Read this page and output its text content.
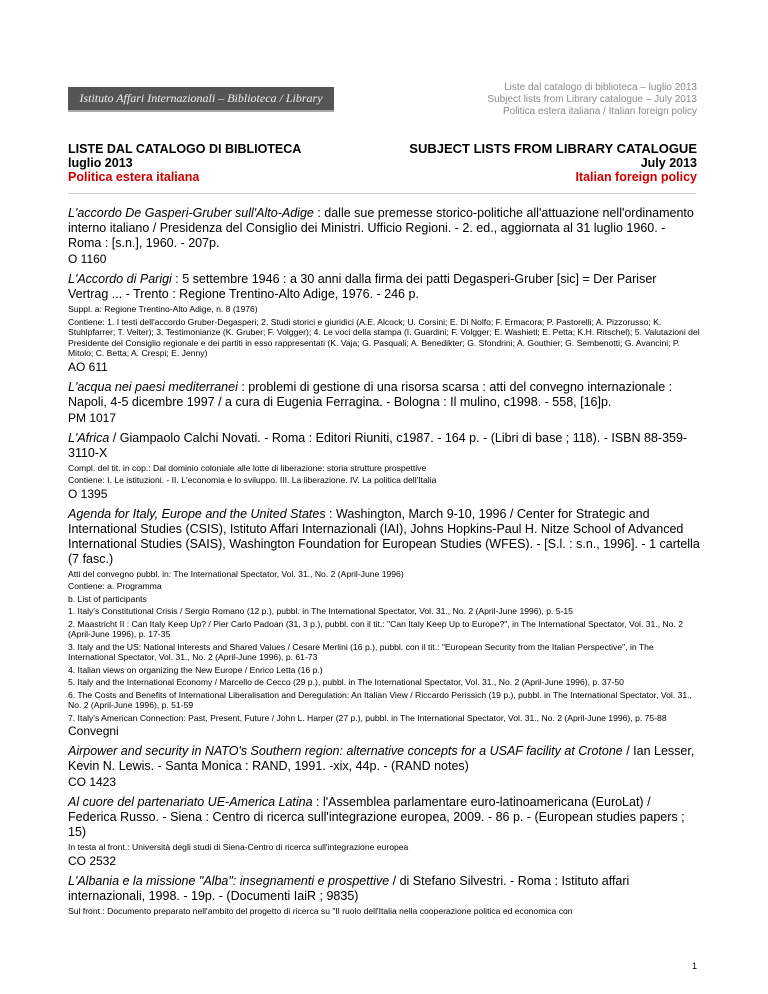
Istituto Affari Internazionali – Biblioteca / Library
Liste dal catalogo di biblioteca – luglio 2013
Subject lists from Library catalogue – July 2013
Politica estera italiana / Italian foreign policy
LISTE DAL CATALOGO DI BIBLIOTECA
luglio 2013
Politica estera italiana
SUBJECT LISTS FROM LIBRARY CATALOGUE
July 2013
Italian foreign policy
L'accordo De Gasperi-Gruber sull'Alto-Adige : dalle sue premesse storico-politiche all'attuazione nell'ordinamento interno italiano / Presidenza del Consiglio dei Ministri. Ufficio Regioni. - 2. ed., aggiornata al 31 luglio 1960. - Roma : [s.n.], 1960. - 207p.
O 1160
L'Accordo di Parigi : 5 settembre 1946 : a 30 anni dalla firma dei patti Degasperi-Gruber [sic] = Der Pariser Vertrag ... - Trento : Regione Trentino-Alto Adige, 1976. - 246 p.
Suppl. a: Regione Trentino-Alto Adige, n. 8 (1976)
Contiene: 1. I testi dell'accordo Gruber-Degasperi; 2. Studi storici e giuridici (A.E. Alcock; U. Corsini; E. Di Nolfo; F. Ermacora; P. Pastorelli; A. Pizzorusso; K. Stuhlpfarrer; T. Veiter); 3. Testimonianze (K. Gruber; F. Volgger); 4. Le voci della stampa (I. Guardini; F. Volgger; E. Washietl; E. Petta; K.H. Ritschel); 5. Valutazioni del Presidente del Consiglio regionale e dei partiti in esso rappresentati (K. Vaja; G. Pasquali; A. Benedikter; G. Sfondrini; A. Gouthier; G. Sembenotti; G. Avancini; P. Mitolo; C. Betta; A. Crespi; E. Jenny)
AO 611
L'acqua nei paesi mediterranei : problemi di gestione di una risorsa scarsa : atti del convegno internazionale : Napoli, 4-5 dicembre 1997 / a cura di Eugenia Ferragina. - Bologna : Il mulino, c1998. - 558, [16]p.
PM 1017
L'Africa / Giampaolo Calchi Novati. - Roma : Editori Riuniti, c1987. - 164 p. - (Libri di base ; 118). - ISBN 88-359-3110-X
Compl. del tit. in cop.: Dal dominio coloniale alle lotte di liberazione: storia strutture prospettive
Contiene: I. Le istituzioni. - II. L'economia e lo sviluppo. III. La liberazione. IV. La politica dell'Italia
O 1395
Agenda for Italy, Europe and the United States : Washington, March 9-10, 1996 / Center for Strategic and International Studies (CSIS), Istituto Affari Internazionali (IAI), Johns Hopkins-Paul H. Nitze School of Advanced International Studies (SAIS), Washington Foundation for European Studies (WFES). - [S.l. : s.n., 1996]. - 1 cartella (7 fasc.)
Atti del convegno pubbl. in: The International Spectator, Vol. 31., No. 2 (April-June 1996)
Contiene: a. Programma
b. List of participants
1. Italy's Constitutional Crisis / Sergio Romano (12 p.), pubbl. in The International Spectator, Vol. 31., No. 2 (April-June 1996), p. 5-15
2. Maastricht II : Can Italy Keep Up? / Pier Carlo Padoan (31, 3 p.), pubbl. con il tit.: "Can Italy Keep Up to Europe?", in The International Spectator, Vol. 31., No. 2 (April-June 1996), p. 17-35
3. Italy and the US: National Interests and Shared Values / Cesare Merlini (16 p.), pubbl. con il tit.: "European Security from the Italian Perspective", in The International Spectator, Vol. 31., No. 2 (April-June 1996), p. 61-73
4. Italian views on organizing the New Europe / Enrico Letta (16 p.)
5. Italy and the International Economy / Marcello de Cecco (29 p.), pubbl. in The International Spectator, Vol. 31., No. 2 (April-June 1996), p. 37-50
6. The Costs and Benefits of International Liberalisation and Deregulation: An Italian View / Riccardo Perissich (19 p.), pubbl. in The International Spectator, Vol. 31., No. 2 (April-June 1996), p. 51-59
7. Italy's American Connection: Past, Present, Future / John L. Harper (27 p.), pubbl. in The International Spectator, Vol. 31., No. 2 (April-June 1996), p. 75-88
Convegni
Airpower and security in NATO's Southern region: alternative concepts for a USAF facility at Crotone / Ian Lesser, Kevin N. Lewis. - Santa Monica : RAND, 1991. -xix, 44p. - (RAND notes)
CO 1423
Al cuore del partenariato UE-America Latina : l'Assemblea parlamentare euro-latinoamericana (EuroLat) / Federica Russo. - Siena : Centro di ricerca sull'integrazione europea, 2009. - 86 p. - (European studies papers ; 15)
In testa al front.: Università degli studi di Siena-Centro di ricerca sull'integrazione europea
CO 2532
L'Albania e la missione "Alba": insegnamenti e prospettive / di Stefano Silvestri. - Roma : Istituto affari internazionali, 1998. - 19p. - (Documenti IaiR ; 9835)
Sul front.: Documento preparato nell'ambito del progetto di ricerca su "Il ruolo dell'Italia nella cooperazione politica ed economica con
1
